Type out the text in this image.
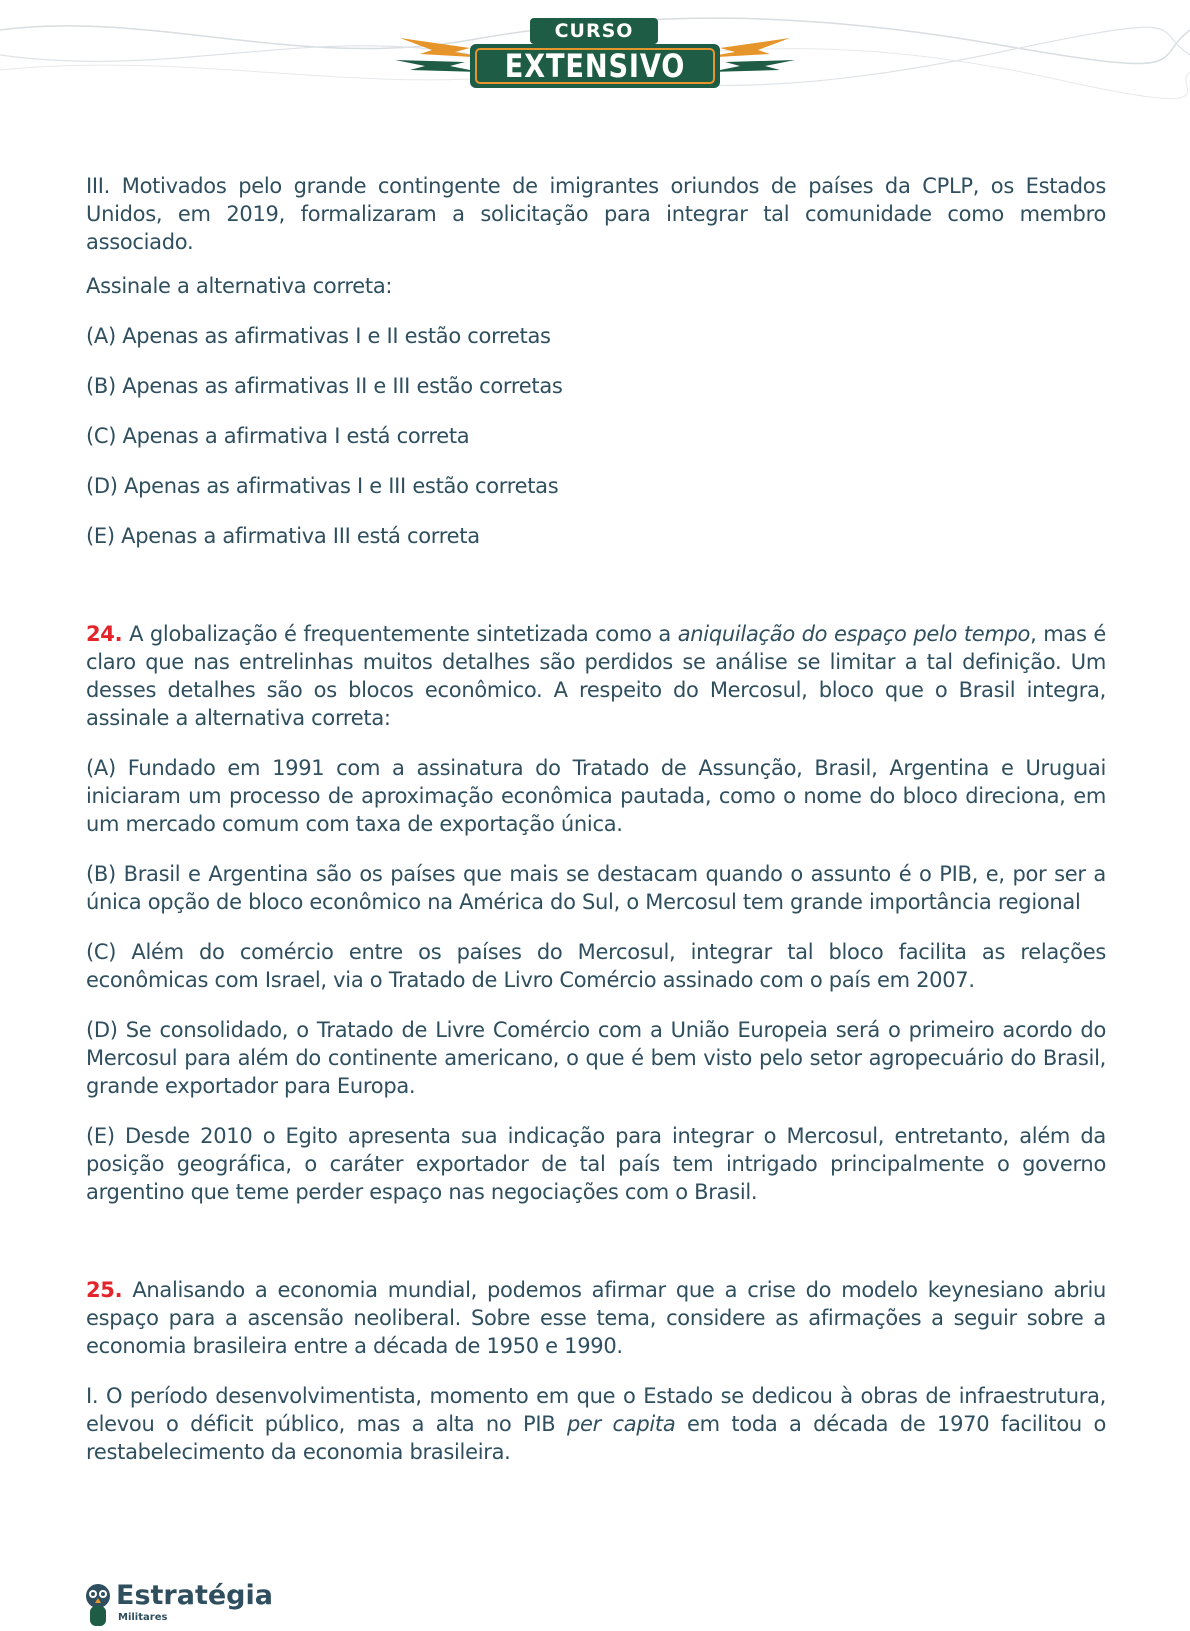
CURSO
EXTENSIVO

III. Motivados pelo grande contingente de imigrantes oriundos de países da CPLP, os Estados Unidos, em 2019, formalizaram a solicitação para integrar tal comunidade como membro associado.

Assinale a alternativa correta:

(A) Apenas as afirmativas I e II estão corretas

(B) Apenas as afirmativas II e III estão corretas

(C) Apenas a afirmativa I está correta

(D) Apenas as afirmativas I e III estão corretas

(E) Apenas a afirmativa III está correta

24. A globalização é frequentemente sintetizada como a aniquilação do espaço pelo tempo, mas é claro que nas entrelinhas muitos detalhes são perdidos se análise se limitar a tal definição. Um desses detalhes são os blocos econômico. A respeito do Mercosul, bloco que o Brasil integra, assinale a alternativa correta:

(A) Fundado em 1991 com a assinatura do Tratado de Assunção, Brasil, Argentina e Uruguai iniciaram um processo de aproximação econômica pautada, como o nome do bloco direciona, em um mercado comum com taxa de exportação única.

(B) Brasil e Argentina são os países que mais se destacam quando o assunto é o PIB, e, por ser a única opção de bloco econômico na América do Sul, o Mercosul tem grande importância regional

(C) Além do comércio entre os países do Mercosul, integrar tal bloco facilita as relações econômicas com Israel, via o Tratado de Livro Comércio assinado com o país em 2007.

(D) Se consolidado, o Tratado de Livre Comércio com a União Europeia será o primeiro acordo do Mercosul para além do continente americano, o que é bem visto pelo setor agropecuário do Brasil, grande exportador para Europa.

(E) Desde 2010 o Egito apresenta sua indicação para integrar o Mercosul, entretanto, além da posição geográfica, o caráter exportador de tal país tem intrigado principalmente o governo argentino que teme perder espaço nas negociações com o Brasil.

25. Analisando a economia mundial, podemos afirmar que a crise do modelo keynesiano abriu espaço para a ascensão neoliberal. Sobre esse tema, considere as afirmações a seguir sobre a economia brasileira entre a década de 1950 e 1990.

I. O período desenvolvimentista, momento em que o Estado se dedicou à obras de infraestrutura, elevou o déficit público, mas a alta no PIB per capita em toda a década de 1970 facilitou o restabelecimento da economia brasileira.

Estratégia
Militares
